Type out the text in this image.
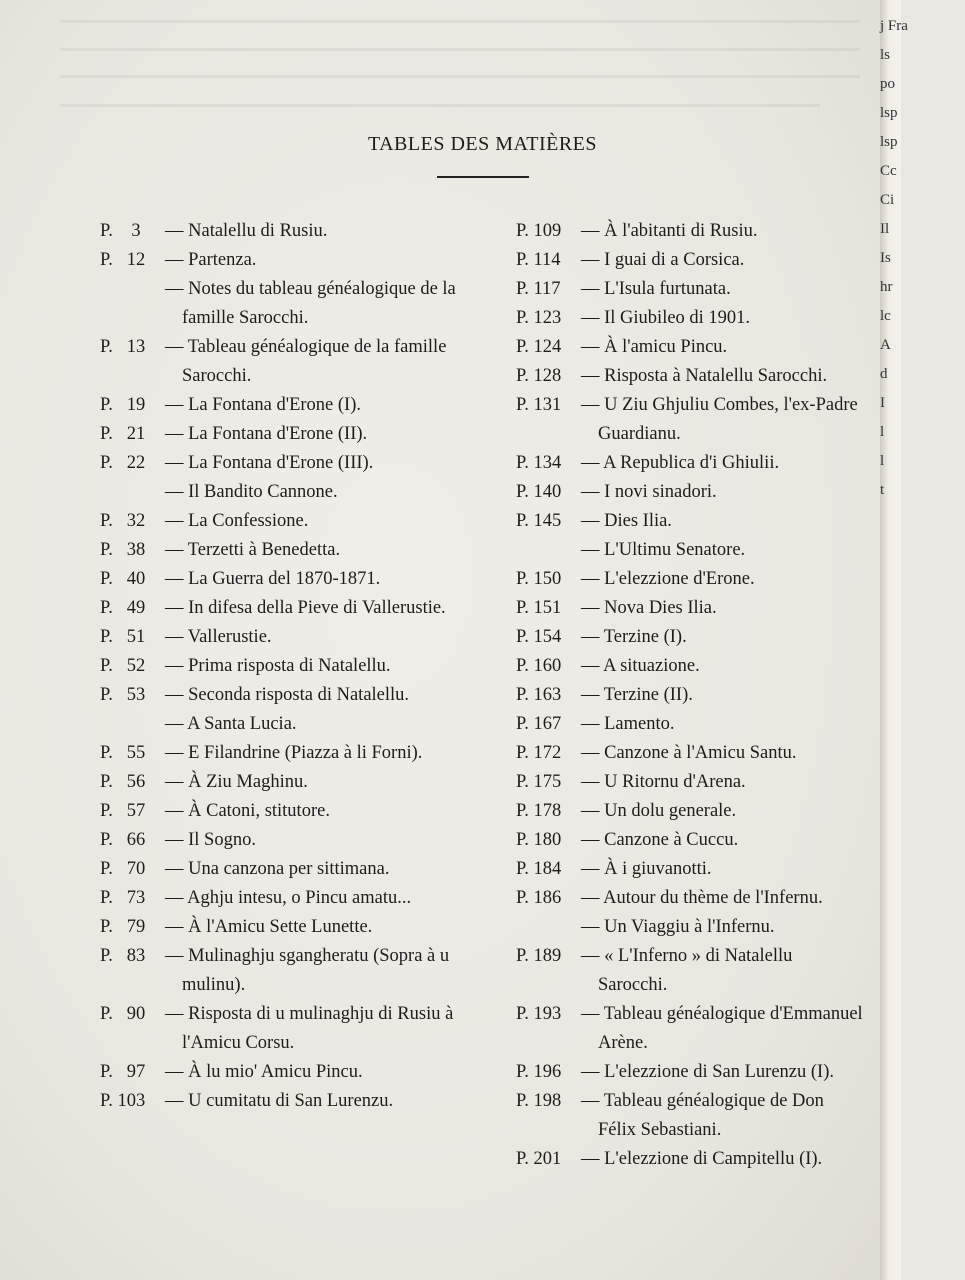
TABLES DES MATIÈRES
P.    3 — Natalellu di Rusiu.
P.   12 — Partenza.
— Notes du tableau généalogique de la famille Sarocchi.
P.   13 — Tableau généalogique de la famille Sarocchi.
P.   19 — La Fontana d'Erone (I).
P.   21 — La Fontana d'Erone (II).
P.   22 — La Fontana d'Erone (III).
— Il Bandito Cannone.
P.   32 — La Confessione.
P.   38 — Terzetti à Benedetta.
P.   40 — La Guerra del 1870-1871.
P.   49 — In difesa della Pieve di Vallerustie.
P.   51 — Vallerustie.
P.   52 — Prima risposta di Natalellu.
P.   53 — Seconda risposta di Natalellu.
— A Santa Lucia.
P.   55 — E Filandrine (Piazza à li Forni).
P.   56 — À Ziu Maghinu.
P.   57 — À Catoni, stitutore.
P.   66 — Il Sogno.
P.   70 — Una canzona per sittimana.
P.   73 — Aghju intesu, o Pincu amatu...
P.   79 — À l'Amicu Sette Lunette.
P.   83 — Mulinaghju sgangheratu (Sopra à u mulinu).
P.   90 — Risposta di u mulinaghju di Rusiu à l'Amicu Corsu.
P.   97 — À lu mio' Amicu Pincu.
P. 103 — U cumitatu di San Lurenzu.
P. 109 — À l'abitanti di Rusiu.
P. 114 — I guai di a Corsica.
P. 117 — L'Isula furtunata.
P. 123 — Il Giubileo di 1901.
P. 124 — À l'amicu Pincu.
P. 128 — Risposta à Natalellu Sarocchi.
P. 131 — U Ziu Ghjuliu Combes, l'ex-Padre Guardianu.
P. 134 — A Republica d'i Ghiulii.
P. 140 — I novi sinadori.
P. 145 — Dies Ilia.
— L'Ultimu Senatore.
P. 150 — L'elezzione d'Erone.
P. 151 — Nova Dies Ilia.
P. 154 — Terzine (I).
P. 160 — A situazione.
P. 163 — Terzine (II).
P. 167 — Lamento.
P. 172 — Canzone à l'Amicu Santu.
P. 175 — U Ritornu d'Arena.
P. 178 — Un dolu generale.
P. 180 — Canzone à Cuccu.
P. 184 — À i giuvanotti.
P. 186 — Autour du thème de l'Infernu.
— Un Viaggiu à l'Infernu.
P. 189 — « L'Inferno » di Natalellu Sarocchi.
P. 193 — Tableau généalogique d'Emmanuel Arène.
P. 196 — L'elezzione di San Lurenzu (I).
P. 198 — Tableau généalogique de Don Félix Sebastiani.
P. 201 — L'elezzione di Campitellu (I).
j Fra
ls
po
lsp
lsp
Cc
Ci
Il
Is
hr
lc
A
d
I
l
l
t
